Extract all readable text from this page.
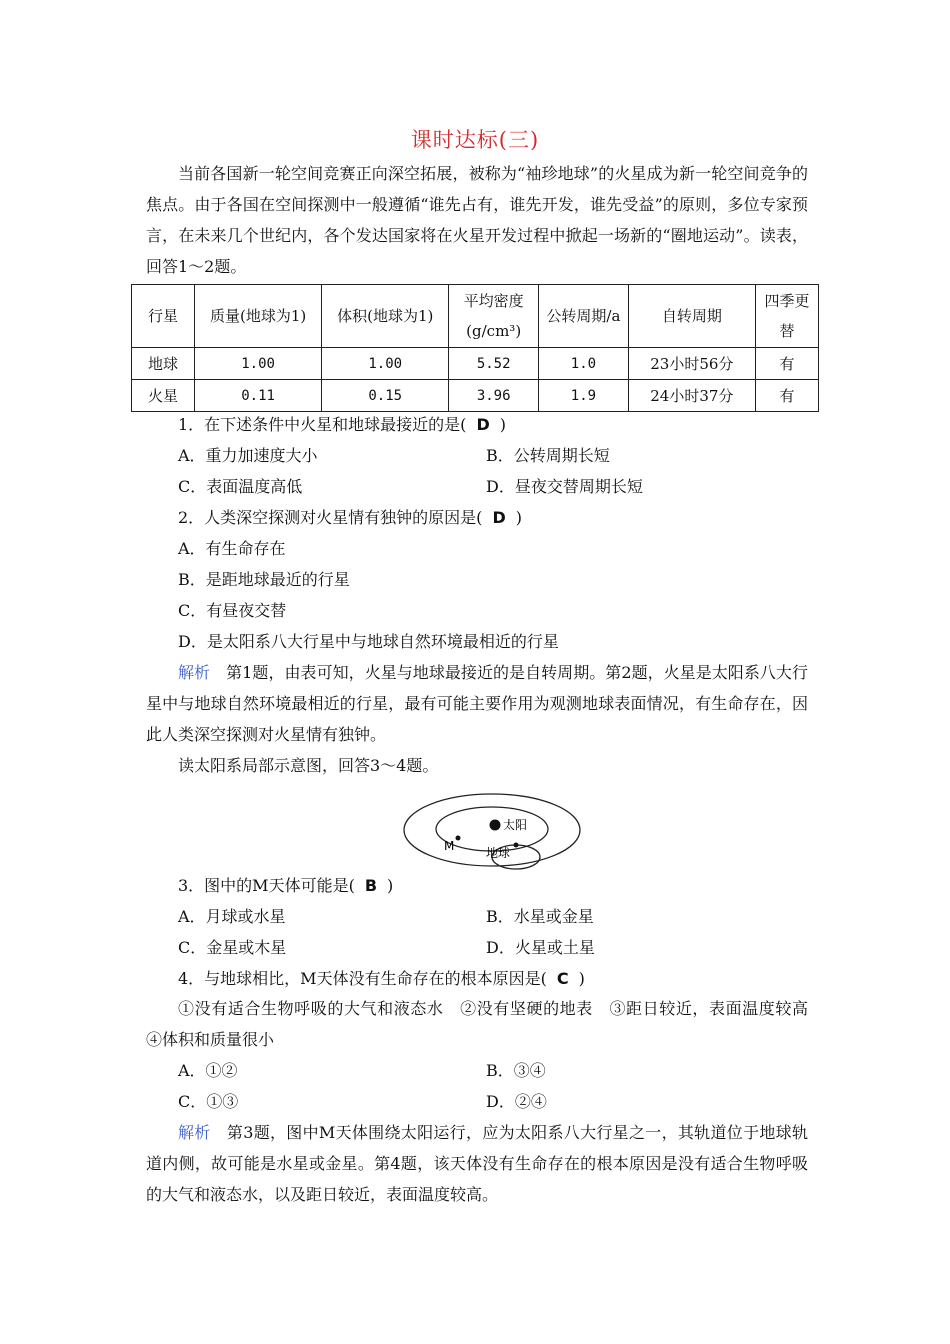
课时达标(三)
当前各国新一轮空间竞赛正向深空拓展，被称为“袖珍地球”的火星成为新一轮空间竞争的焦点。由于各国在空间探测中一般遵循“谁先占有，谁先开发，谁先受益”的原则，多位专家预言，在未来几个世纪内，各个发达国家将在火星开发过程中掀起一场新的“圈地运动”。读表，回答1～2题。
行星	质量(地球为1)	体积(地球为1)	平均密度(g/cm³)	公转周期/a	自转周期	四季更替
地球	1.00	1.00	5.52	1.0	23小时56分	有
火星	0.11	0.15	3.96	1.9	24小时37分	有
1．在下述条件中火星和地球最接近的是( D )
A．重力加速度大小	B．公转周期长短
C．表面温度高低	D．昼夜交替周期长短
2．人类深空探测对火星情有独钟的原因是( D )
A．有生命存在
B．是距地球最近的行星
C．有昼夜交替
D．是太阳系八大行星中与地球自然环境最相近的行星
解析　 第1题，由表可知，火星与地球最接近的是自转周期。第2题，火星是太阳系八大行星中与地球自然环境最相近的行星，最有可能主要作用为观测地球表面情况，有生命存在，因此人类深空探测对火星情有独钟。
读太阳系局部示意图，回答3～4题。
太阳
M	地球
3．图中的M天体可能是( B )
A．月球或水星	B．水星或金星
C．金星或木星	D．火星或土星
4．与地球相比，M天体没有生命存在的根本原因是( C )
①没有适合生物呼吸的大气和液态水　②没有坚硬的地表　③距日较近，表面温度较高　④体积和质量很小
A．①②	B．③④
C．①③	D．②④
解析　 第3题，图中M天体围绕太阳运行，应为太阳系八大行星之一，其轨道位于地球轨道内侧，故可能是水星或金星。第4题，该天体没有生命存在的根本原因是没有适合生物呼吸的大气和液态水，以及距日较近，表面温度较高。
